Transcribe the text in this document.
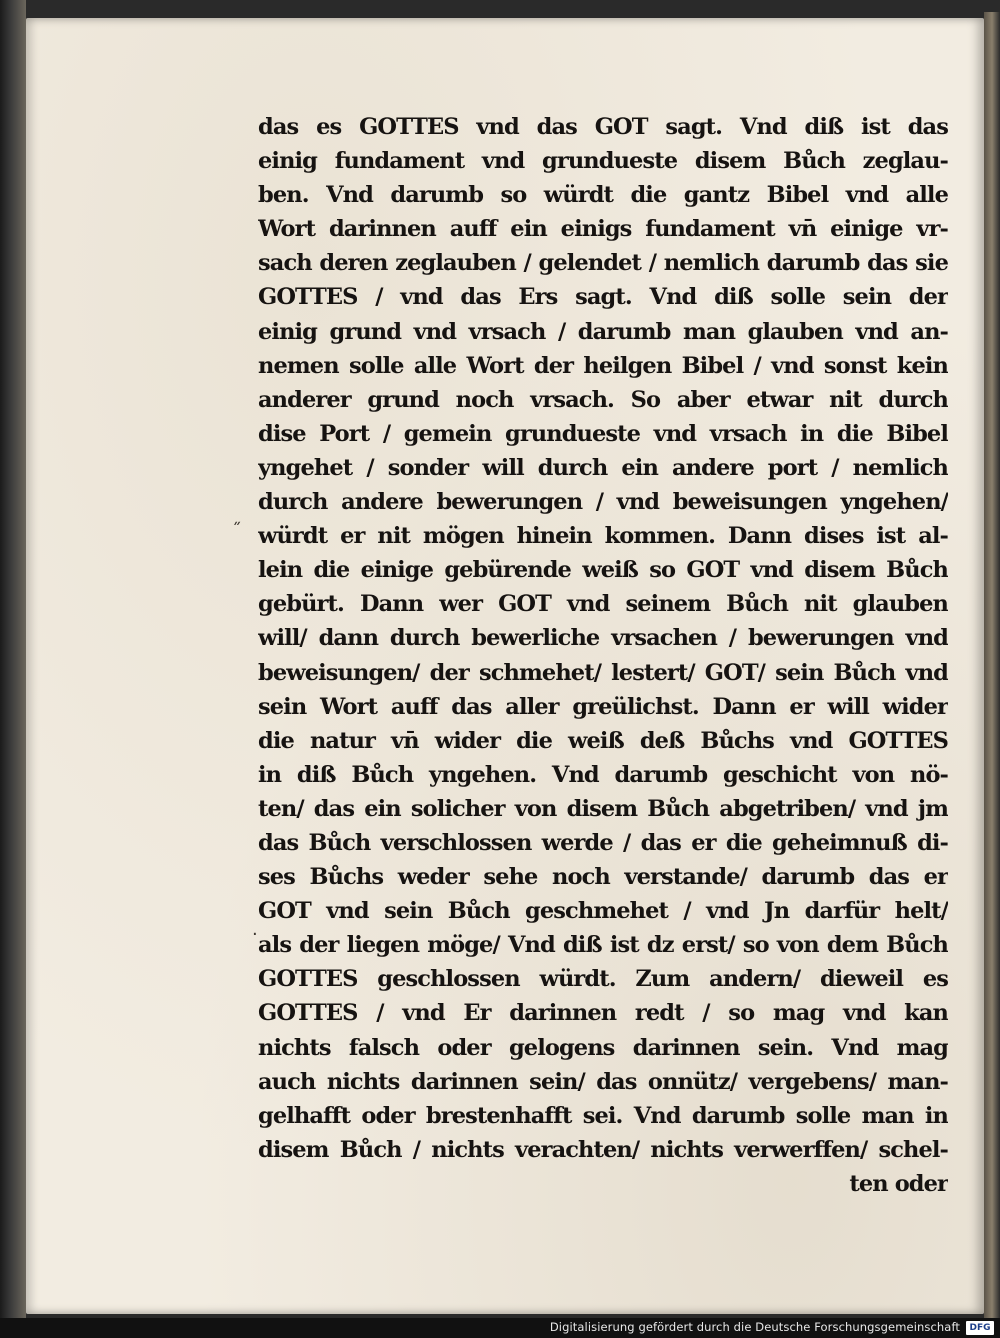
˝
·
das es GOTTES vnd das GOT sagt. Vnd diß ist das
einig fundament vnd grundueste disem Bůch zeglau-
ben. Vnd darumb so würdt die gantz Bibel vnd alle
Wort darinnen auff ein einigs fundament vn̄ einige vr-
sach deren zeglauben / gelendet / nemlich darumb das sie
GOTTES / vnd das Ers sagt. Vnd diß solle sein der
einig grund vnd vrsach / darumb man glauben vnd an-
nemen solle alle Wort der heilgen Bibel / vnd sonst kein
anderer grund noch vrsach. So aber etwar nit durch
dise Port / gemein grundueste vnd vrsach in die Bibel
yngehet / sonder will durch ein andere port / nemlich
durch andere bewerungen / vnd beweisungen yngehen/
würdt er nit mögen hinein kommen. Dann dises ist al-
lein die einige gebürende weiß so GOT vnd disem Bůch
gebürt. Dann wer GOT vnd seinem Bůch nit glauben
will/ dann durch bewerliche vrsachen / bewerungen vnd
beweisungen/ der schmehet/ lestert/ GOT/ sein Bůch vnd
sein Wort auff das aller greülichst. Dann er will wider
die natur vn̄ wider die weiß deß Bůchs vnd GOTTES
in diß Bůch yngehen. Vnd darumb geschicht von nö-
ten/ das ein solicher von disem Bůch abgetriben/ vnd jm
das Bůch verschlossen werde / das er die geheimnuß di-
ses Bůchs weder sehe noch verstande/ darumb das er
GOT vnd sein Bůch geschmehet / vnd Jn darfür helt/
als der liegen möge/ Vnd diß ist dz erst/ so von dem Bůch
GOTTES geschlossen würdt. Zum andern/ dieweil es
GOTTES / vnd Er darinnen redt / so mag vnd kan
nichts falsch oder gelogens darinnen sein. Vnd mag
auch nichts darinnen sein/ das onnütz/ vergebens/ man-
gelhafft oder brestenhafft sei. Vnd darumb solle man in
disem Bůch / nichts verachten/ nichts verwerffen/ schel-
ten oder
Digitalisierung gefördert durch die Deutsche Forschungsgemeinschaft	DFG
